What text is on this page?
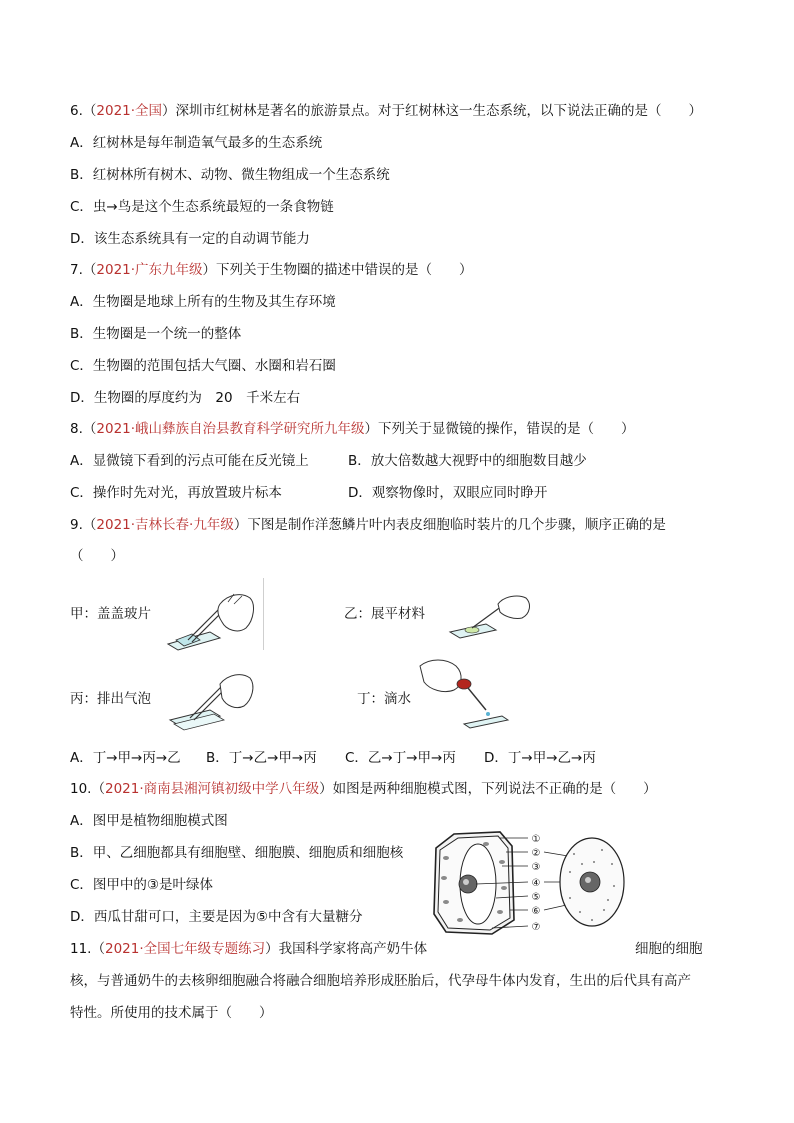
6.（2021·全国）深圳市红树林是著名的旅游景点。对于红树林这一生态系统，以下说法正确的是（　　）
A．红树林是每年制造氧气最多的生态系统
B．红树林所有树木、动物、微生物组成一个生态系统
C．虫→鸟是这个生态系统最短的一条食物链
D．该生态系统具有一定的自动调节能力
7.（2021·广东九年级）下列关于生物圈的描述中错误的是（　　）
A．生物圈是地球上所有的生物及其生存环境
B．生物圈是一个统一的整体
C．生物圈的范围包括大气圈、水圈和岩石圈
D．生物圈的厚度约为　20　千米左右
8.（2021·峨山彝族自治县教育科学研究所九年级）下列关于显微镜的操作，错误的是（　　）
A．显微镜下看到的污点可能在反光镜上	B．放大倍数越大视野中的细胞数目越少
C．操作时先对光，再放置玻片标本	D．观察物像时，双眼应同时睁开
9.（2021·吉林长春·九年级）下图是制作洋葱鳞片叶内表皮细胞临时装片的几个步骤，顺序正确的是
（　　）
甲：盖盖玻片	乙：展平材料
丙：排出气泡	丁：滴水
A．丁→甲→丙→乙 B．丁→乙→甲→丙 C．乙→丁→甲→丙 D．丁→甲→乙→丙
10.（2021·商南县湘河镇初级中学八年级）如图是两种细胞模式图，下列说法不正确的是（　　）
A．图甲是植物细胞模式图
B．甲、乙细胞都具有细胞壁、细胞膜、细胞质和细胞核
C．图甲中的③是叶绿体
D．西瓜甘甜可口，主要是因为⑤中含有大量糖分
①
②
③
④
⑤
⑥
⑦
11.（2021·全国七年级专题练习）我国科学家将高产奶牛体	细胞的细胞
核，与普通奶牛的去核卵细胞融合将融合细胞培养形成胚胎后，代孕母牛体内发育，生出的后代具有高产
特性。所使用的技术属于（　　）
